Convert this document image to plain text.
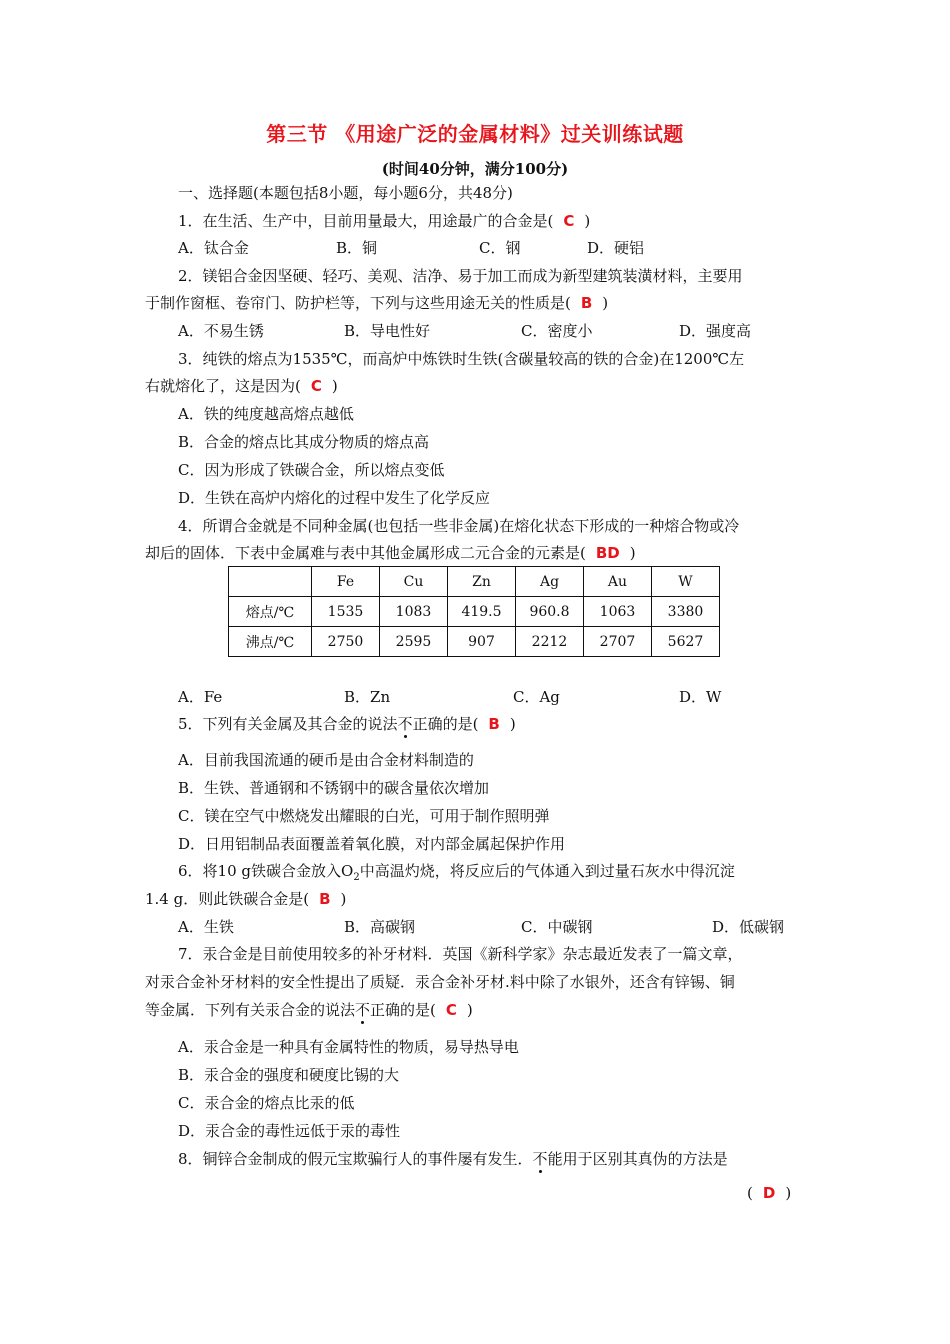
第三节 《用途广泛的金属材料》过关训练试题
(时间40分钟，满分100分)
一、选择题(本题包括8小题，每小题6分，共48分)
1．在生活、生产中，目前用量最大，用途最广的合金是( C )
A．钛合金	B．铜	C．钢	D．硬铝
2．镁铝合金因坚硬、轻巧、美观、洁净、易于加工而成为新型建筑装潢材料，主要用
于制作窗框、卷帘门、防护栏等，下列与这些用途无关的性质是( B )
A．不易生锈	B．导电性好	C．密度小	D．强度高
3．纯铁的熔点为1535℃，而高炉中炼铁时生铁(含碳量较高的铁的合金)在1200℃左
右就熔化了，这是因为( C )
A．铁的纯度越高熔点越低
B．合金的熔点比其成分物质的熔点高
C．因为形成了铁碳合金，所以熔点变低
D．生铁在高炉内熔化的过程中发生了化学反应
4．所谓合金就是不同种金属(也包括一些非金属)在熔化状态下形成的一种熔合物或冷
却后的固体．下表中金属难与表中其他金属形成二元合金的元素是( BD )
	Fe	Cu	Zn	Ag	Au	W
熔点/℃	1535	1083	419.5	960.8	1063	3380
沸点/℃	2750	2595	907	2212	2707	5627
A．Fe	B．Zn	C．Ag	D．W
5．下列有关金属及其合金的说法不正确的是( B )
A．目前我国流通的硬币是由合金材料制造的
B．生铁、普通钢和不锈钢中的碳含量依次增加
C．镁在空气中燃烧发出耀眼的白光，可用于制作照明弹
D．日用铝制品表面覆盖着氧化膜，对内部金属起保护作用
6．将10 g铁碳合金放入$O_2$中高温灼烧，将反应后的气体通入到过量石灰水中得沉淀
1.4 g．则此铁碳合金是( B )
A．生铁	B．高碳钢	C．中碳钢	D．低碳钢
7．汞合金是目前使用较多的补牙材料．英国《新科学家》杂志最近发表了一篇文章，
对汞合金补牙材料的安全性提出了质疑．汞合金补牙材.料中除了水银外，还含有锌锡、铜
等金属．下列有关汞合金的说法不正确的是( C )
A．汞合金是一种具有金属特性的物质，易导热导电
B．汞合金的强度和硬度比锡的大
C．汞合金的熔点比汞的低
D．汞合金的毒性远低于汞的毒性
8．铜锌合金制成的假元宝欺骗行人的事件屡有发生．不能用于区别其真伪的方法是
( D )
